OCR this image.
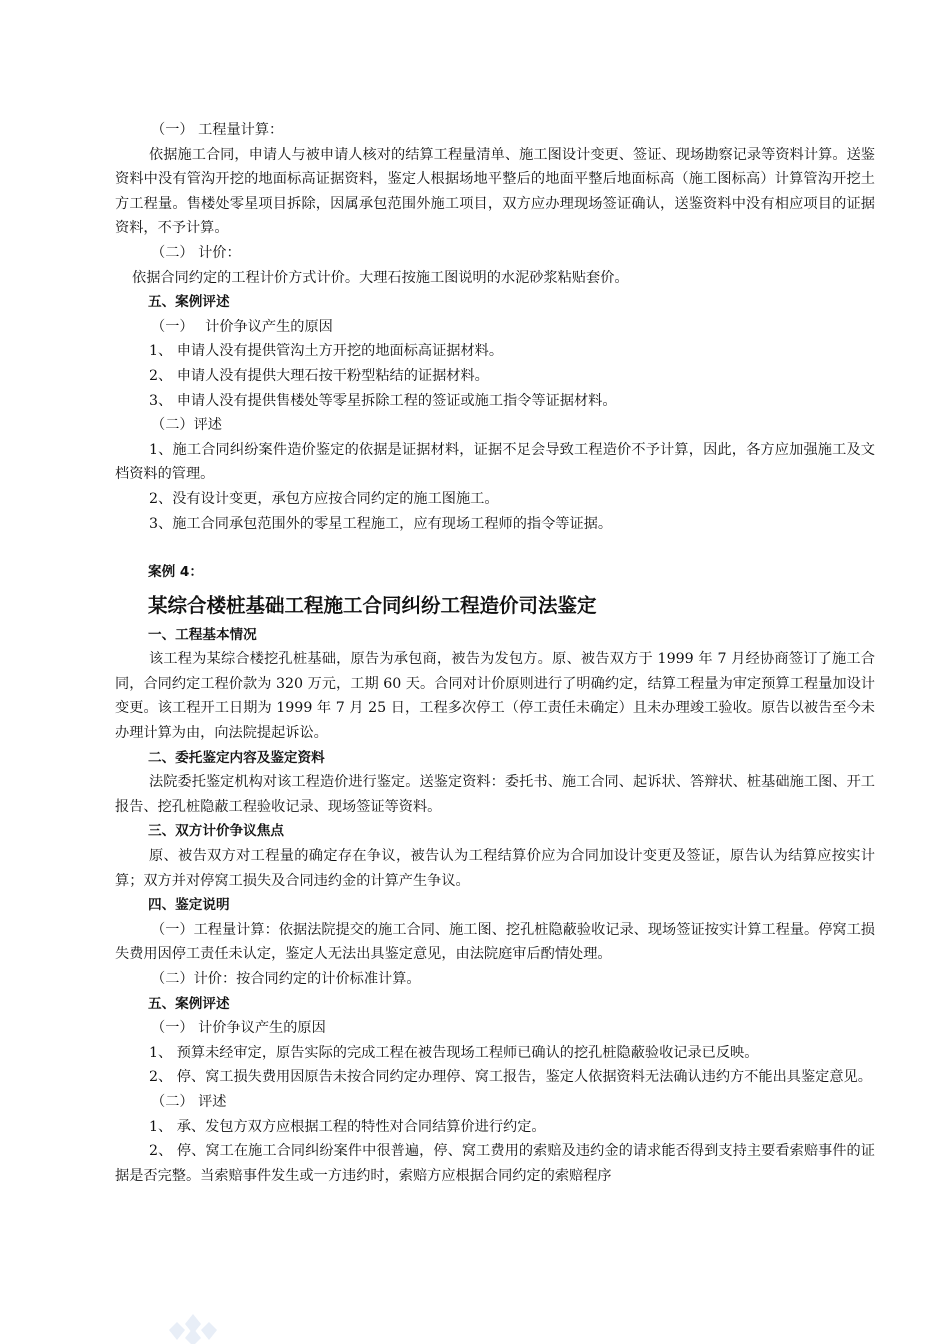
（一） 工程量计算：

依据施工合同，申请人与被申请人核对的结算工程量清单、施工图设计变更、签证、现场勘察记录等资料计算。送鉴资料中没有管沟开挖的地面标高证据资料，鉴定人根据场地平整后的地面平整后地面标高（施工图标高）计算管沟开挖土方工程量。售楼处零星项目拆除，因属承包范围外施工项目，双方应办理现场签证确认，送鉴资料中没有相应项目的证据资料，不予计算。

（二） 计价：

依据合同约定的工程计价方式计价。大理石按施工图说明的水泥砂浆粘贴套价。

五、案例评述

（一）　 计价争议产生的原因

1、 申请人没有提供管沟土方开挖的地面标高证据材料。

2、 申请人没有提供大理石按干粉型粘结的证据材料。

3、 申请人没有提供售楼处等零星拆除工程的签证或施工指令等证据材料。

（二）评述

1、施工合同纠纷案件造价鉴定的依据是证据材料，证据不足会导致工程造价不予计算，因此，各方应加强施工及文档资料的管理。

2、没有设计变更，承包方应按合同约定的施工图施工。

3、施工合同承包范围外的零星工程施工，应有现场工程师的指令等证据。

案例 4：

某综合楼桩基础工程施工合同纠纷工程造价司法鉴定

一、工程基本情况

该工程为某综合楼挖孔桩基础，原告为承包商，被告为发包方。原、被告双方于 1999 年 7 月经协商签订了施工合同，合同约定工程价款为 320 万元，工期 60 天。合同对计价原则进行了明确约定，结算工程量为审定预算工程量加设计变更。该工程开工日期为 1999 年 7 月 25 日，工程多次停工（停工责任未确定）且未办理竣工验收。原告以被告至今未办理计算为由，向法院提起诉讼。

二、委托鉴定内容及鉴定资料

法院委托鉴定机构对该工程造价进行鉴定。送鉴定资料：委托书、施工合同、起诉状、答辩状、桩基础施工图、开工报告、挖孔桩隐蔽工程验收记录、现场签证等资料。

三、双方计价争议焦点

原、被告双方对工程量的确定存在争议，被告认为工程结算价应为合同加设计变更及签证，原告认为结算应按实计算；双方并对停窝工损失及合同违约金的计算产生争议。

四、鉴定说明

（一）工程量计算：依据法院提交的施工合同、施工图、挖孔桩隐蔽验收记录、现场签证按实计算工程量。停窝工损失费用因停工责任未认定，鉴定人无法出具鉴定意见，由法院庭审后酌情处理。

（二）计价：按合同约定的计价标准计算。

五、案例评述

（一） 计价争议产生的原因

1、 预算未经审定，原告实际的完成工程在被告现场工程师已确认的挖孔桩隐蔽验收记录已反映。

2、 停、窝工损失费用因原告未按合同约定办理停、窝工报告，鉴定人依据资料无法确认违约方不能出具鉴定意见。

（二） 评述

1、 承、发包方双方应根据工程的特性对合同结算价进行约定。

2、 停、窝工在施工合同纠纷案件中很普遍，停、窝工费用的索赔及违约金的请求能否得到支持主要看索赔事件的证据是否完整。当索赔事件发生或一方违约时，索赔方应根据合同约定的索赔程序
